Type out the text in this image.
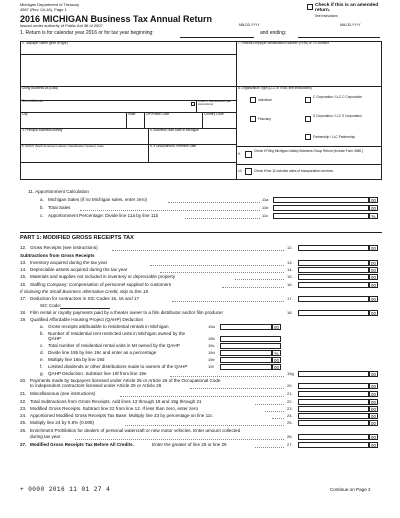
Michigan Department of Treasury
4567 (Rev. 04-16), Page 1
2016 MICHIGAN Business Tax Annual Return
Issued under authority of Public Act 36 of 2007.
Check if this is an amended return.
See instructions
MM-DD-YYYY	MM-DD-YYYY
1. Return is for calendar year 2016 or for tax year beginning:	and ending:
2. Taxpayer Name (print or type)
Doing Business As (DBA)
Street Address	Check if new address (see instructions)
City	State	ZIP/Postal Code	Country Code
3. Principal Business Activity	4. Business Start Date in Michigan
5. NAICS (North American Industry Classification System) Code	6. If Discontinued, Effective Date
7. Federal Employer Identification Number (FEIN) or TR Number
8. Organization Type (LLC or Trust, see instructions)
Individual
C Corporation / LLC C Corporation
Fiduciary
S Corporation / LLC S Corporation
Partnership / LLC Partnership
9.
Check if Filing Michigan Unitary Business Group Return (Include Form 4580.)
10.	Check if line 11 includes sales of transportation services.
11. Apportionment Calculation
a. Michigan Sales (if no Michigan sales, enter zero)	11a	00
b. Total Sales	11b	00
c. Apportionment Percentage: Divide line 11a by line 11b	11c	%
PART 1: MODIFIED GROSS RECEIPTS TAX
12. Gross Receipts (see instructions)	12.	00
Subtractions from Gross Receipts
13. Inventory acquired during the tax year	13.	00
14. Depreciable assets acquired during the tax year	14.	00
15. Materials and supplies not included in inventory or depreciable property	15.	00
16. Staffing Company: Compensation of personnel supplied to customers	16.	00
If claiming the Small Business Alternative Credit, skip to line 18
17. Deduction for contractors in SIC Codes 15, 16 and 17	17.	00
SIC Code:
18. Film rental or royalty payments paid by a theater owner to a film distributor and/or film producer	18.	00
19. Qualified Affordable Housing Project (QAHP) Deduction
a. Gross receipts attributable to residential rentals in Michigan	19a	00
b. Number of residential rent restricted units in Michigan owned by the QAHP	19b
c. Total number of residential rental units in MI owned by the QAHP	19c
d. Divide line 19b by line 19c and enter as a percentage	19d	%
e. Multiply line 19a by line 19d	19e	00
f. Limited dividends or other distributions made to owners of the QAHP	19f	00
g. QAHP Deduction. Subtract line 19f from line 19e	19g	00
20. Payments made by taxpayers licensed under Article 25 or Article 26 of the Occupational Code
to independent contractors licensed under Article 25 or Article 26	20.	00
21. Miscellaneous (see instructions)	21.	00
22. Total Subtractions from Gross Receipts. Add lines 13 through 18 and 19g through 21	22.	00
23. Modified Gross Receipts. Subtract line 22 from line 12. If less than zero, enter zero	23.	00
24. Apportioned Modified Gross Receipts Tax Base: Multiply line 23 by percentage on line 11c	24.	00
25. Multiply line 24 by 0.8% (0.008)	25.	00
26. Enrichment Prohibition for dealers of personal watercraft or new motor vehicles. Enter amount collected
during tax year	26.	00
27. Modified Gross Receipts Tax Before All Credits.	Enter the greater of line 25 or line 26	27.	00
+ 0000 2016 11 01 27 4	Continue on Page 2
